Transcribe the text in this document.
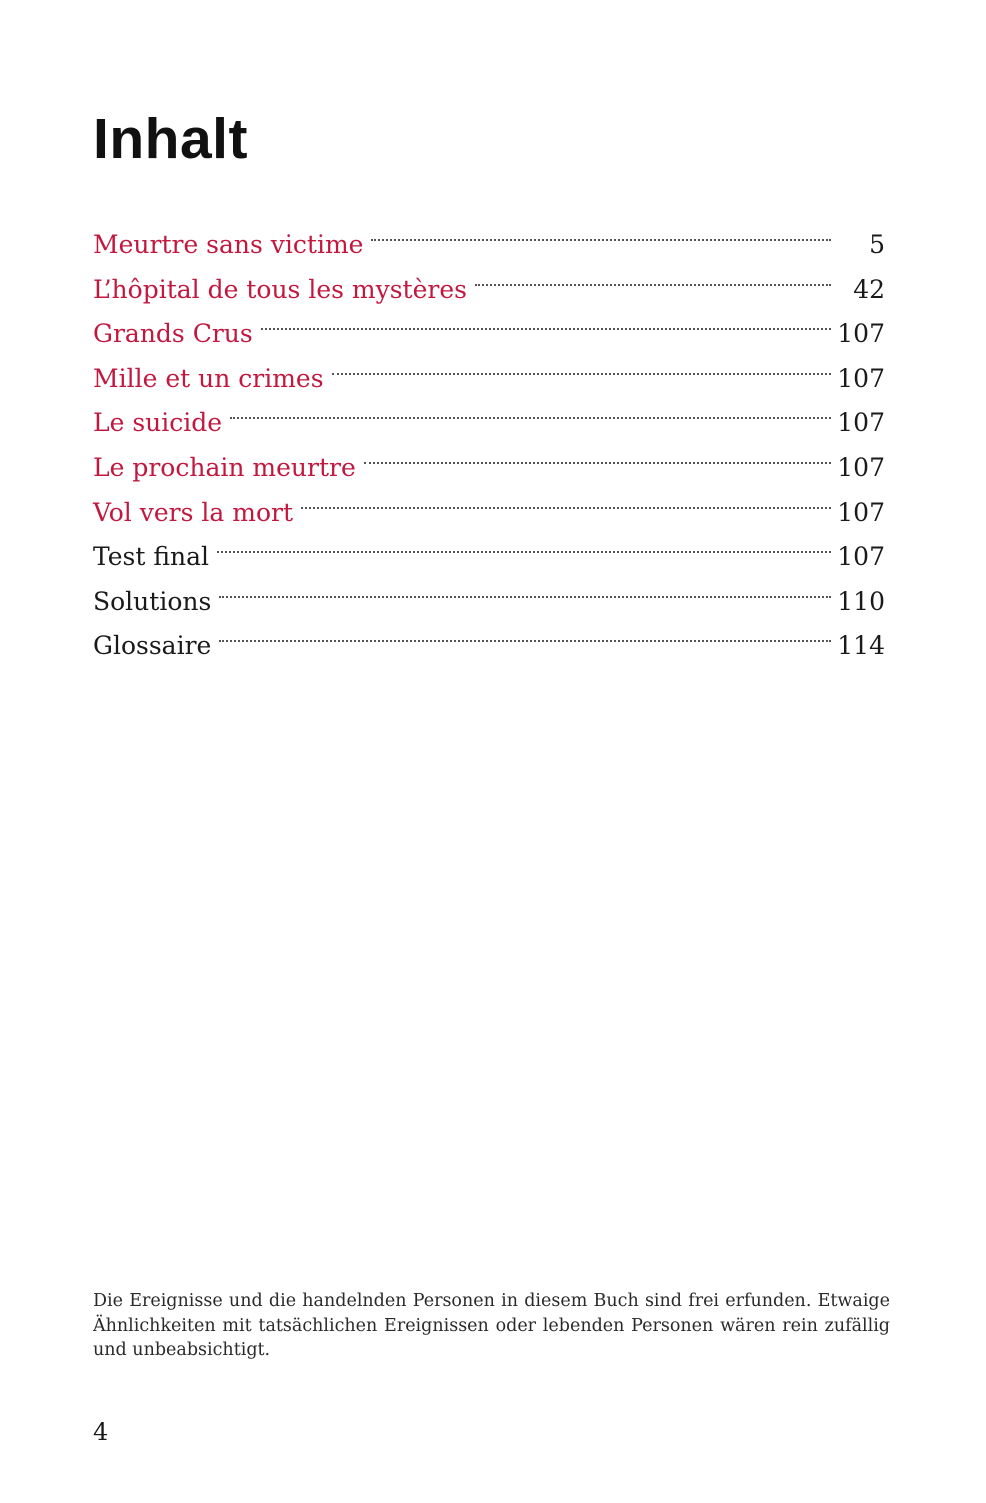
Inhalt
Meurtre sans victime	5
L’hôpital de tous les mystères	42
Grands Crus	107
Mille et un crimes	107
Le suicide	107
Le prochain meurtre	107
Vol vers la mort	107
Test final	107
Solutions	110
Glossaire	114

Die Ereignisse und die handelnden Personen in diesem Buch sind frei erfunden. Etwaige Ähnlichkeiten mit tatsächlichen Ereignissen oder lebenden Personen wären rein zufällig und unbeabsichtigt.

4
